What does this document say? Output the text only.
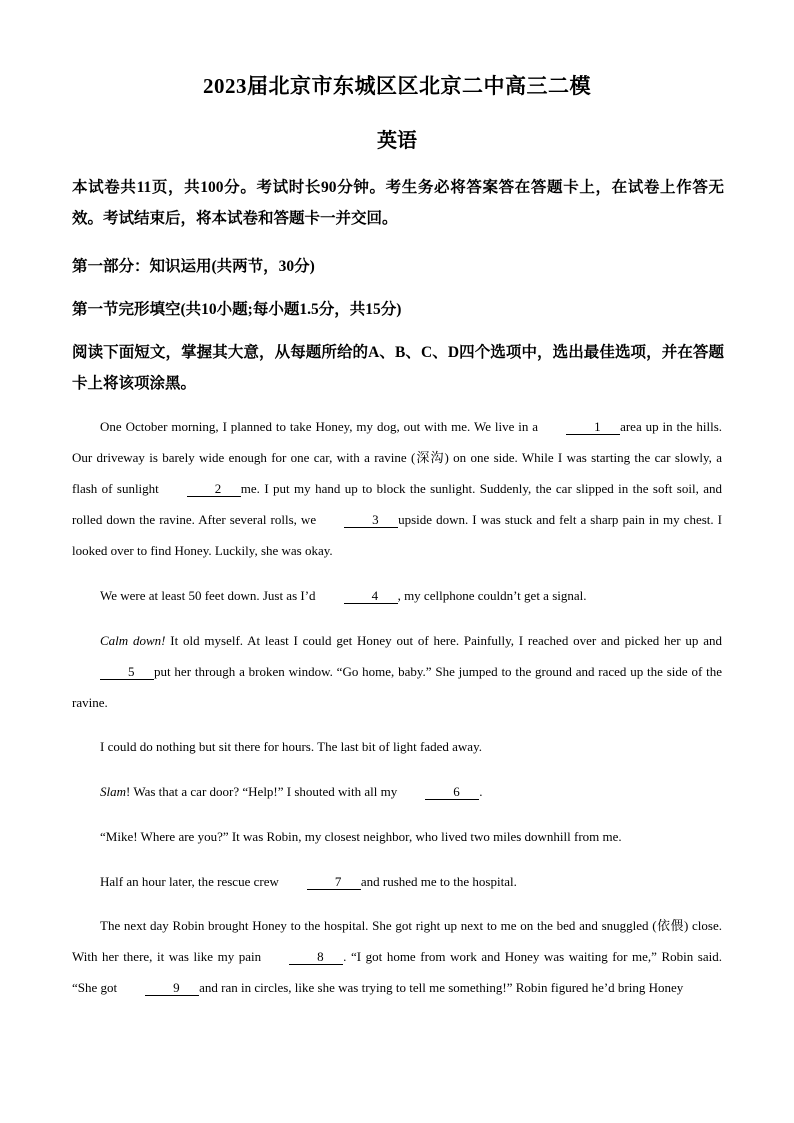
2023届北京市东城区区北京二中高三二模
英语
本试卷共11页，共100分。考试时长90分钟。考生务必将答案答在答题卡上，在试卷上作答无效。考试结束后，将本试卷和答题卡一并交回。
第一部分：知识运用(共两节，30分)
第一节完形填空(共10小题;每小题1.5分，共15分)
阅读下面短文，掌握其大意，从每题所给的A、B、C、D四个选项中，选出最佳选项，并在答题卡上将该项涂黑。
One October morning, I planned to take Honey, my dog, out with me. We live in a	1 area up in the hills. Our driveway is barely wide enough for one car, with a ravine (深沟) on one side. While I was starting the car slowly, a flash of sunlight	2 me. I put my hand up to block the sunlight. Suddenly, the car slipped in the soft soil, and rolled down the ravine. After several rolls, we	3 upside down. I was stuck and felt a sharp pain in my chest. I looked over to find Honey. Luckily, she was okay.
We were at least 50 feet down. Just as I’d	4 , my cellphone couldn’t get a signal.
Calm down! It old myself. At least I could get Honey out of here. Painfully, I reached over and picked her up and5 put her through a broken window. “Go home, baby.” She jumped to the ground and raced up the side of the ravine.
I could do nothing but sit there for hours. The last bit of light faded away.
Slam! Was that a car door? “Help!” I shouted with all my	6 .
“Mike! Where are you?” It was Robin, my closest neighbor, who lived two miles downhill from me.
Half an hour later, the rescue crew	7 and rushed me to the hospital.
The next day Robin brought Honey to the hospital. She got right up next to me on the bed and snuggled (依偎) close. With her there, it was like my pain	8 . “I got home from work and Honey was waiting for me,” Robin said. “She got	9 and ran in circles, like she was trying to tell me something!” Robin figured he’d bring Honey
